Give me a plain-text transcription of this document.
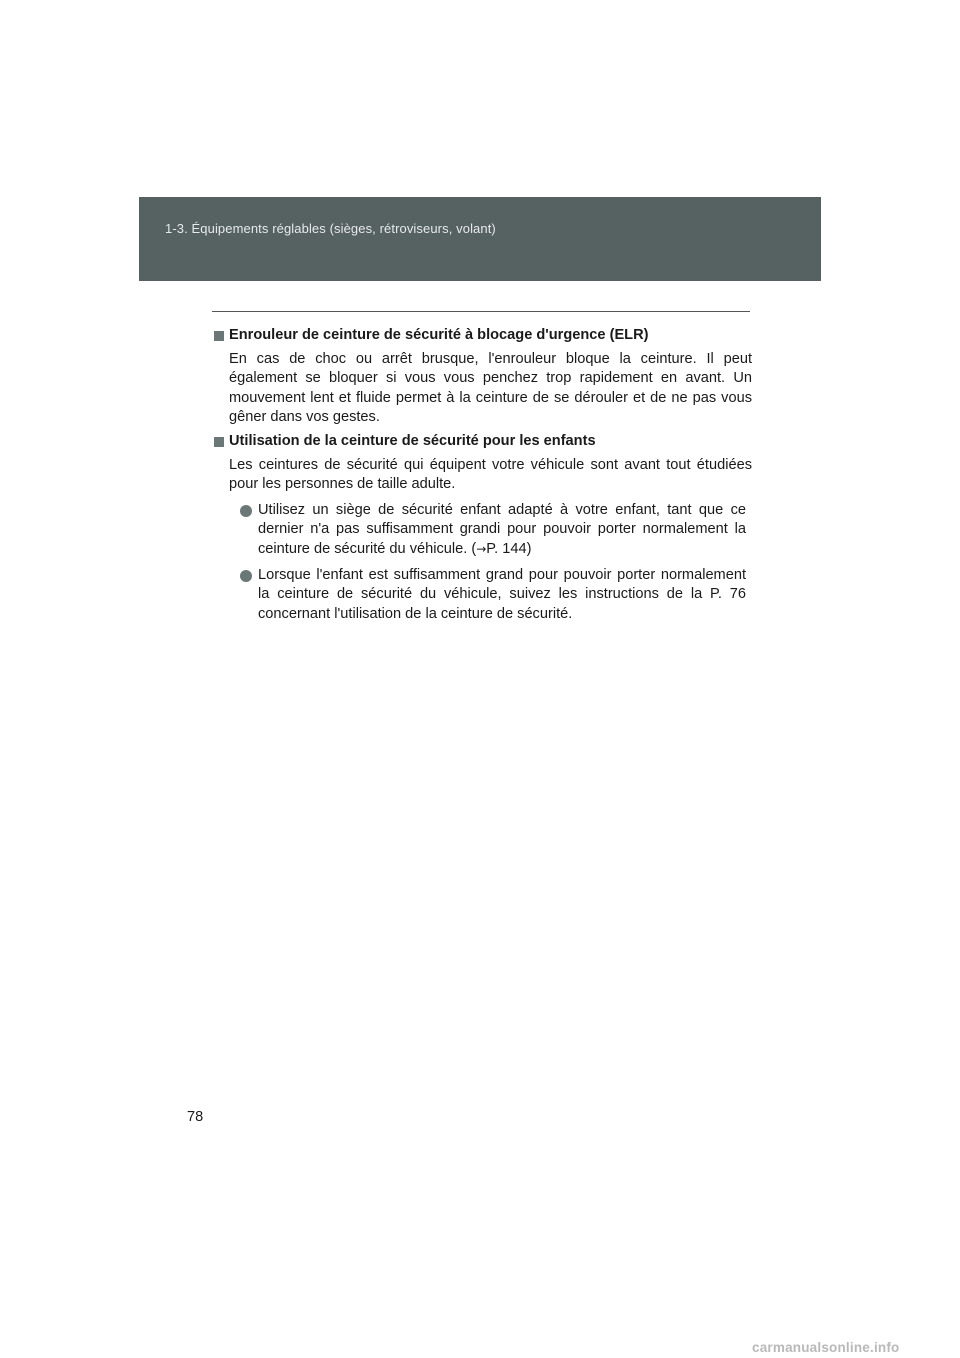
1-3. Équipements réglables (sièges, rétroviseurs, volant)

Enrouleur de ceinture de sécurité à blocage d'urgence (ELR)

En cas de choc ou arrêt brusque, l'enrouleur bloque la ceinture. Il peut également se bloquer si vous vous penchez trop rapidement en avant. Un mouvement lent et fluide permet à la ceinture de se dérouler et de ne pas vous gêner dans vos gestes.

Utilisation de la ceinture de sécurité pour les enfants

Les ceintures de sécurité qui équipent votre véhicule sont avant tout étudiées pour les personnes de taille adulte.

Utilisez un siège de sécurité enfant adapté à votre enfant, tant que ce dernier n'a pas suffisamment grandi pour pouvoir porter normalement la ceinture de sécurité du véhicule. (→P. 144)
Lorsque l'enfant est suffisamment grand pour pouvoir porter normalement la ceinture de sécurité du véhicule, suivez les instructions de la P. 76 concernant l'utilisation de la ceinture de sécurité.
78
carmanualsonline.info
